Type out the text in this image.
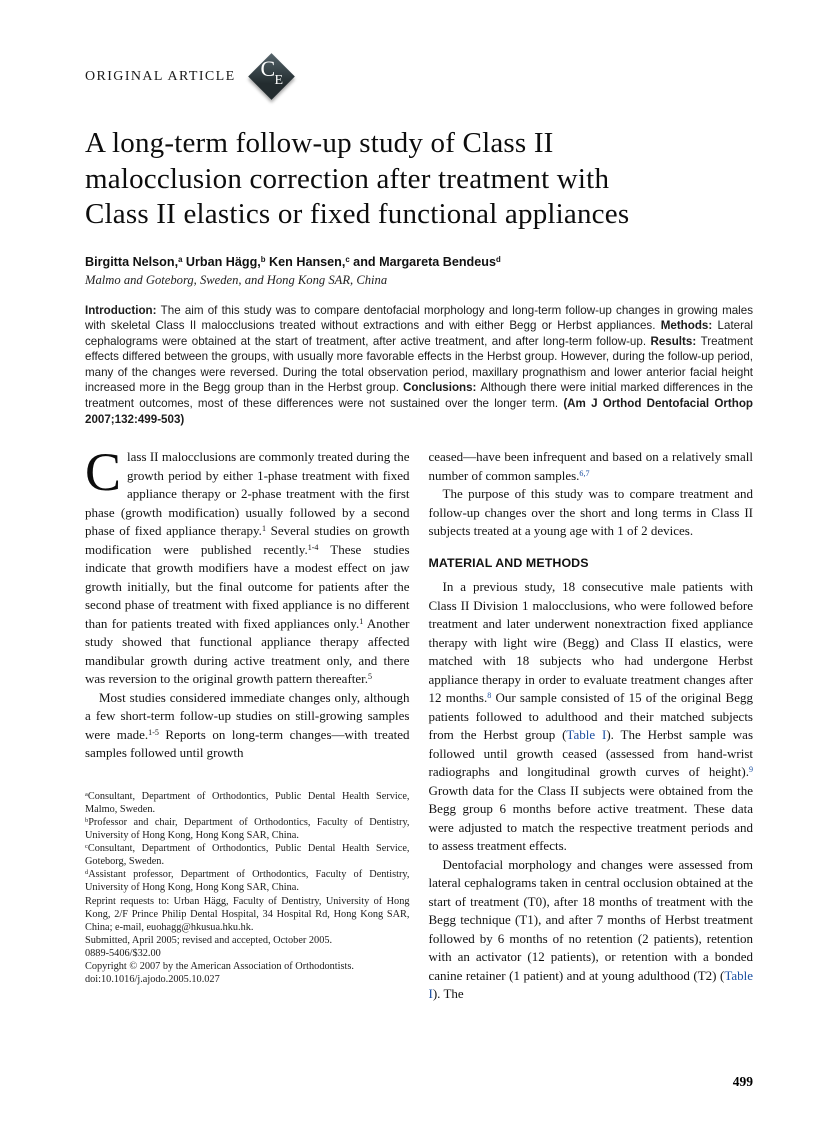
ORIGINAL ARTICLE C E
A long-term follow-up study of Class II
malocclusion correction after treatment with
Class II elastics or fixed functional appliances

Birgitta Nelson,$^a$ Urban Hägg,$^b$ Ken Hansen,$^c$ and Margareta Bendeus$^d$

Malmo and Goteborg, Sweden, and Hong Kong SAR, China

Introduction: The aim of this study was to compare dentofacial morphology and long-term follow-up changes in growing males with skeletal Class II malocclusions treated without extractions and with either Begg or Herbst appliances. Methods: Lateral cephalograms were obtained at the start of treatment, after active treatment, and after long-term follow-up. Results: Treatment effects differed between the groups, with usually more favorable effects in the Herbst group. However, during the follow-up period, many of the changes were reversed. During the total observation period, maxillary prognathism and lower anterior facial height increased more in the Begg group than in the Herbst group. Conclusions: Although there were initial marked differences in the treatment outcomes, most of these differences were not sustained over the longer term. (Am J Orthod Dentofacial Orthop 2007;132:499-503)

Class II malocclusions are commonly treated during the growth period by either 1-phase treatment with fixed appliance therapy or 2-phase treatment with the first phase (growth modification) usually followed by a second phase of fixed appliance therapy.$^1$ Several studies on growth modification were published recently.$^{1-4}$ These studies indicate that growth modifiers have a modest effect on jaw growth initially, but the final outcome for patients after the second phase of treatment with fixed appliance is no different than for patients treated with fixed appliances only.$^1$ Another study showed that functional appliance therapy affected mandibular growth during active treatment only, and there was reversion to the original growth pattern thereafter.$^5$

Most studies considered immediate changes only, although a few short-term follow-up studies on still-growing samples were made.$^{1-5}$ Reports on long-term changes—with treated samples followed until growth

$^a$Consultant, Department of Orthodontics, Public Dental Health Service, Malmo, Sweden.

$^b$Professor and chair, Department of Orthodontics, Faculty of Dentistry, University of Hong Kong, Hong Kong SAR, China.

$^c$Consultant, Department of Orthodontics, Public Dental Health Service, Goteborg, Sweden.

$^d$Assistant professor, Department of Orthodontics, Faculty of Dentistry, University of Hong Kong, Hong Kong SAR, China.

Reprint requests to: Urban Hägg, Faculty of Dentistry, University of Hong Kong, 2/F Prince Philip Dental Hospital, 34 Hospital Rd, Hong Kong SAR, China; e-mail, euohagg@hkusua.hku.hk.

Submitted, April 2005; revised and accepted, October 2005.

0889-5406/$32.00

Copyright © 2007 by the American Association of Orthodontists.

doi:10.1016/j.ajodo.2005.10.027

ceased—have been infrequent and based on a relatively small number of common samples.$^{6,7}$

The purpose of this study was to compare treatment and follow-up changes over the short and long terms in Class II subjects treated at a young age with 1 of 2 devices.

MATERIAL AND METHODS

In a previous study, 18 consecutive male patients with Class II Division 1 malocclusions, who were followed before treatment and later underwent nonextraction fixed appliance therapy with light wire (Begg) and Class II elastics, were matched with 18 subjects who had undergone Herbst appliance therapy in order to evaluate treatment changes after 12 months.$^8$ Our sample consisted of 15 of the original Begg patients followed to adulthood and their matched subjects from the Herbst group (Table I). The Herbst sample was followed until growth ceased (assessed from hand-wrist radiographs and longitudinal growth curves of height).$^9$ Growth data for the Class II subjects were obtained from the Begg group 6 months before active treatment. These data were adjusted to match the respective treatment periods and to assess treatment effects.

Dentofacial morphology and changes were assessed from lateral cephalograms taken in central occlusion obtained at the start of treatment (T0), after 18 months of treatment with the Begg technique (T1), and after 7 months of Herbst treatment followed by 6 months of no retention (2 patients), retention with an activator (12 patients), or retention with a bonded canine retainer (1 patient) and at young adulthood (T2) (Table I). The

499
